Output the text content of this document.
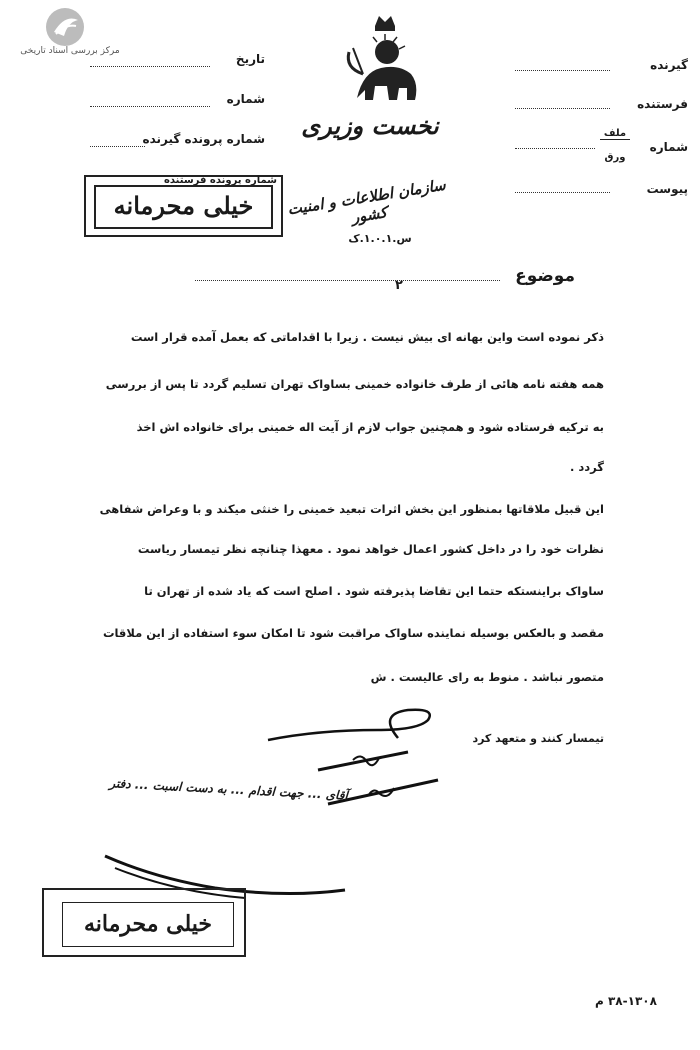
مرکز بررسی اسناد تاریخی
تاریخ
شماره
شماره پرونده گیرنده
شماره پرونده فرستنده
خیلی محرمانه
نخست وزیری
سازمان اطلاعات و امنیت کشور
س.۱.۰.۱.ک
گیرنده
فرستنده
شماره
ملف
ورق
پیوست
موضوع
۲
ذکر نموده است واین بهانه ای بیش نیست . زیرا با اقداماتی که بعمل آمده قرار است
همه هفته نامه هائی از طرف خانواده خمینی بساواک تهران تسلیم گردد تا پس از بررسی
به ترکیه فرستاده شود و همچنین جواب لازم از آیت اله خمینی برای خانواده اش اخذ
گردد .
این قبیل ملاقاتها بمنظور این بخش اثرات تبعید خمینی را خنثی میکند و با وعراض شفاهی
نظرات خود را در داخل کشور اعمال خواهد نمود . معهذا چنانچه نظر تیمسار ریاست
ساواک براینستکه حتما این تقاضا پذیرفته شود . اصلح است که یاد شده از تهران تا
مقصد و بالعکس بوسیله نماینده ساواک مراقبت شود تا امکان سوء استفاده از این ملاقات
متصور نباشد . منوط به رای عالیست . ش
تیمسار کنند و متعهد کرد
آقای ... جهت اقدام ... به دست اسبت ... دفتر
خیلی محرمانه
۳۸-۱۳۰۸ م
